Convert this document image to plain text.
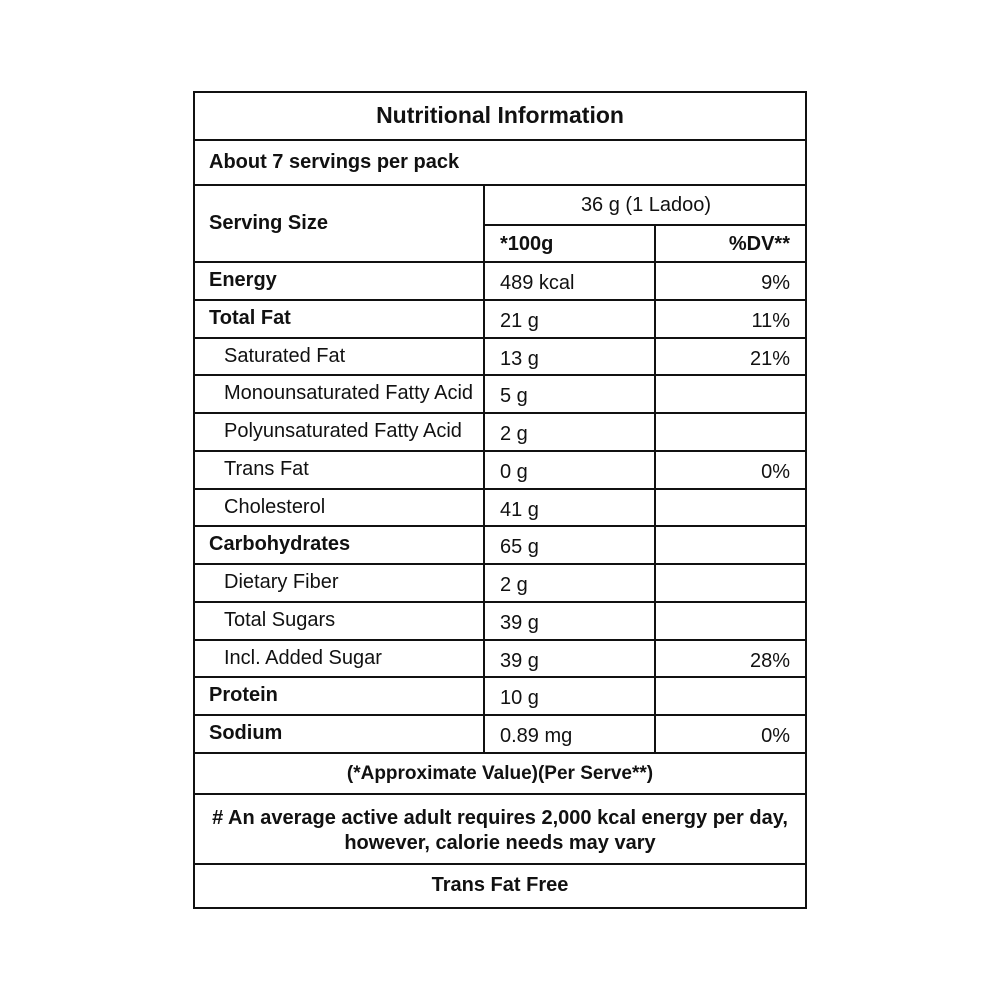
Nutritional Information
About 7 servings per pack
Serving Size
36 g (1 Ladoo)
*100g	%DV**
Energy	489 kcal	9%
Total Fat	21 g	11%
Saturated Fat	13 g	21%
Monounsaturated Fatty Acid 5 g
Polyunsaturated Fatty Acid 2 g
Trans Fat	0 g	0%
Cholesterol	41 g
Carbohydrates	65 g
Dietary Fiber	2 g
Total Sugars	39 g
Incl. Added Sugar	39 g	28%
Protein	10 g
Sodium	0.89 mg	0%
(*Approximate Value)(Per Serve**)
# An average active adult requires 2,000 kcal energy per day,
however, calorie needs may vary
Trans Fat Free
